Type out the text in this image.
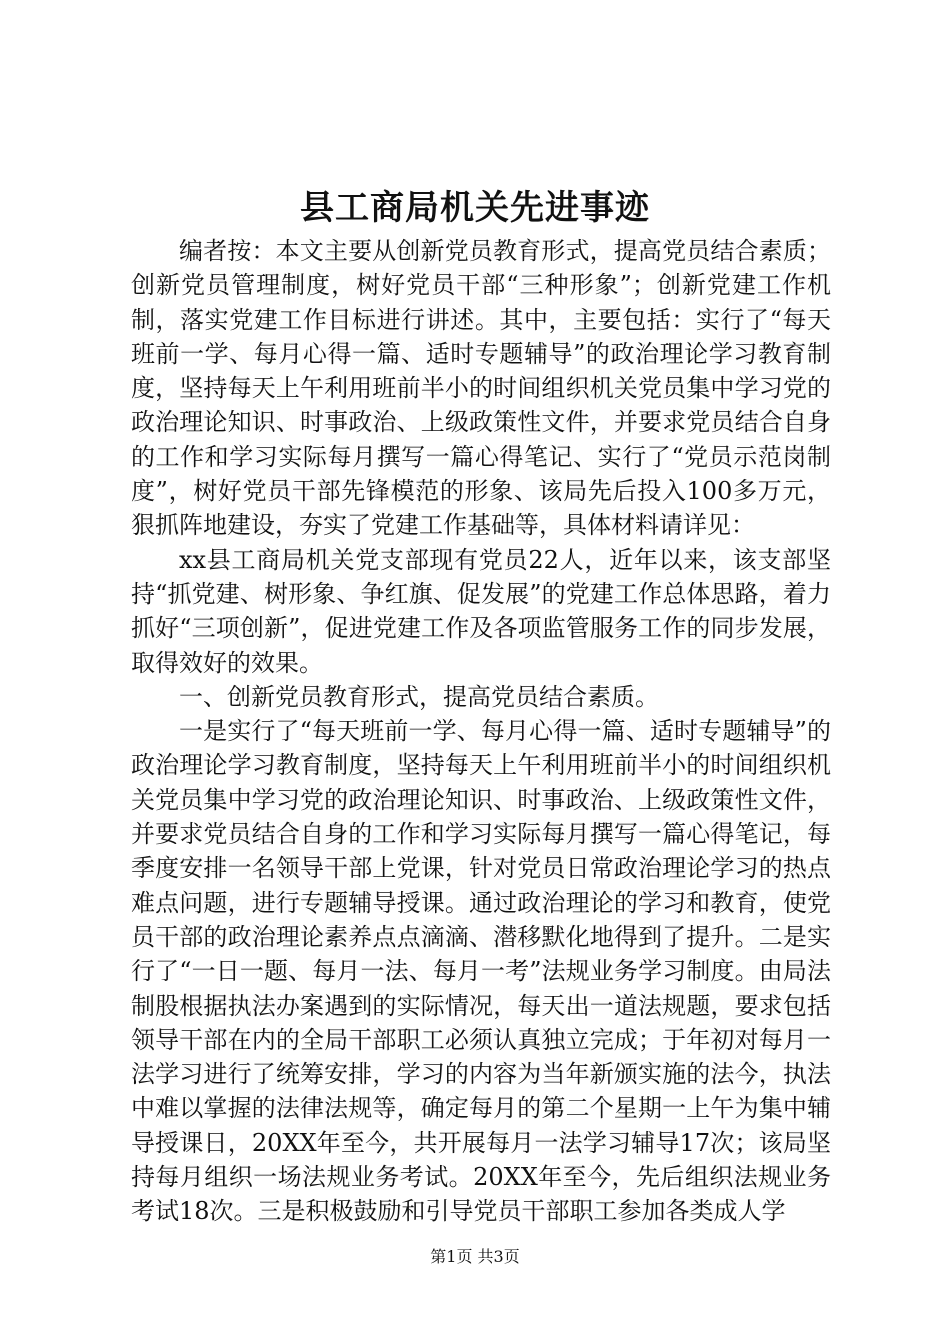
县工商局机关先进事迹

编者按：本文主要从创新党员教育形式，提高党员结合素质；创新党员管理制度，树好党员干部“三种形象”；创新党建工作机制，落实党建工作目标进行讲述。其中，主要包括：实行了“每天班前一学、每月心得一篇、适时专题辅导”的政治理论学习教育制度，坚持每天上午利用班前半小的时间组织机关党员集中学习党的政治理论知识、时事政治、上级政策性文件，并要求党员结合自身的工作和学习实际每月撰写一篇心得笔记、实行了“党员示范岗制度”，树好党员干部先锋模范的形象、该局先后投入100多万元，狠抓阵地建设，夯实了党建工作基础等，具体材料请详见：

xx县工商局机关党支部现有党员22人，近年以来，该支部坚持“抓党建、树形象、争红旗、促发展”的党建工作总体思路，着力抓好“三项创新”，促进党建工作及各项监管服务工作的同步发展，取得效好的效果。

一、创新党员教育形式，提高党员结合素质。

一是实行了“每天班前一学、每月心得一篇、适时专题辅导”的政治理论学习教育制度，坚持每天上午利用班前半小的时间组织机关党员集中学习党的政治理论知识、时事政治、上级政策性文件，并要求党员结合自身的工作和学习实际每月撰写一篇心得笔记，每季度安排一名领导干部上党课，针对党员日常政治理论学习的热点难点问题，进行专题辅导授课。通过政治理论的学习和教育，使党员干部的政治理论素养点点滴滴、潜移默化地得到了提升。二是实行了“一日一题、每月一法、每月一考”法规业务学习制度。由局法制股根据执法办案遇到的实际情况，每天出一道法规题，要求包括领导干部在内的全局干部职工必须认真独立完成；于年初对每月一法学习进行了统筹安排，学习的内容为当年新颁实施的法今，执法中难以掌握的法律法规等，确定每月的第二个星期一上午为集中辅导授课日，20XX年至今，共开展每月一法学习辅导17次；该局坚持每月组织一场法规业务考试。20XX年至今，先后组织法规业务考试18次。三是积极鼓励和引导党员干部职工参加各类成人学

第1页 共3页
